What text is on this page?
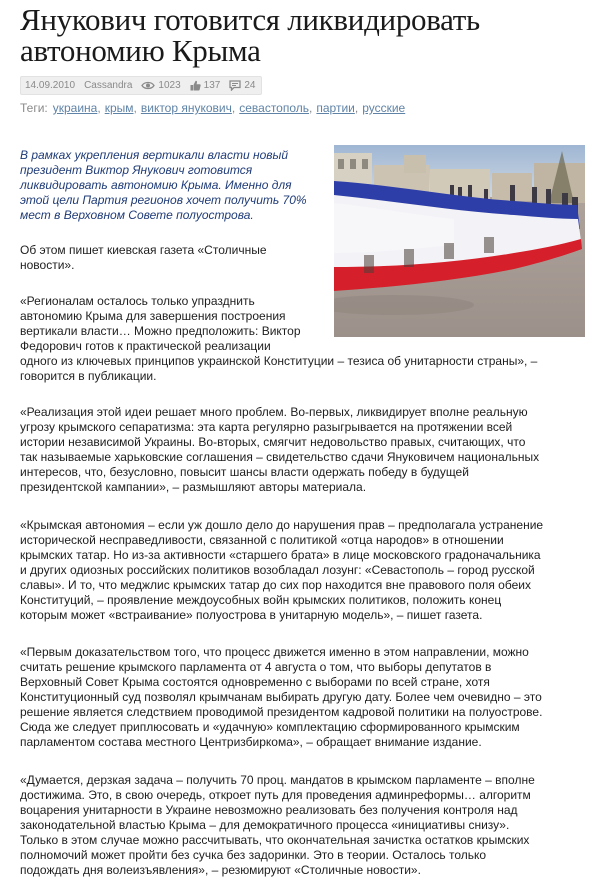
Янукович готовится ликвидировать
автономию Крыма
14.09.2010 Cassandra	1023 137 24
Теги: украина, крым, виктор янукович, севастополь, партии, русские

В рамках укрепления вертикали власти новый
президент Виктор Янукович готовится
ликвидировать автономию Крыма. Именно для
этой цели Партия регионов хочет получить 70%
мест в Верховном Совете полуострова.

Об этом пишет киевская газета «Столичные
новости».

«Регионалам осталось только упразднить
автономию Крыма для завершения построения
вертикали власти… Можно предположить: Виктор
Федорович готов к практической реализации
одного из ключевых принципов украинской Конституции – тезиса об унитарности страны», –
говорится в публикации.

«Реализация этой идеи решает много проблем. Во-первых, ликвидирует вполне реальную
угрозу крымского сепаратизма: эта карта регулярно разыгрывается на протяжении всей
истории независимой Украины. Во-вторых, смягчит недовольство правых, считающих, что
так называемые харьковские соглашения – свидетельство сдачи Януковичем национальных
интересов, что, безусловно, повысит шансы власти одержать победу в будущей
президентской кампании», – размышляют авторы материала.

«Крымская автономия – если уж дошло дело до нарушения прав – предполагала устранение
исторической несправедливости, связанной с политикой «отца народов» в отношении
крымских татар. Но из-за активности «старшего брата» в лице московского градоначальника
и других одиозных российских политиков возобладал лозунг: «Севастополь – город русской
славы». И то, что меджлис крымских татар до сих пор находится вне правового поля обеих
Конституций, – проявление междоусобных войн крымских политиков, положить конец
которым может «встраивание» полуострова в унитарную модель», – пишет газета.

«Первым доказательством того, что процесс движется именно в этом направлении, можно
считать решение крымского парламента от 4 августа о том, что выборы депутатов в
Верховный Совет Крыма состоятся одновременно с выборами по всей стране, хотя
Конституционный суд позволял крымчанам выбирать другую дату. Более чем очевидно – это
решение является следствием проводимой президентом кадровой политики на полуострове.
Сюда же следует приплюсовать и «удачную» комплектацию сформированного крымским
парламентом состава местного Центризбиркома», – обращает внимание издание.

«Думается, дерзкая задача – получить 70 проц. мандатов в крымском парламенте – вполне
достижима. Это, в свою очередь, откроет путь для проведения админреформы… алгоритм
воцарения унитарности в Украине невозможно реализовать без получения контроля над
законодательной властью Крыма – для демократичного процесса «инициативы снизу».
Только в этом случае можно рассчитывать, что окончательная зачистка остатков крымских
полномочий может пройти без сучка без задоринки. Это в теории. Осталось только
подождать дня волеизъявления», – резюмируют «Столичные новости».
